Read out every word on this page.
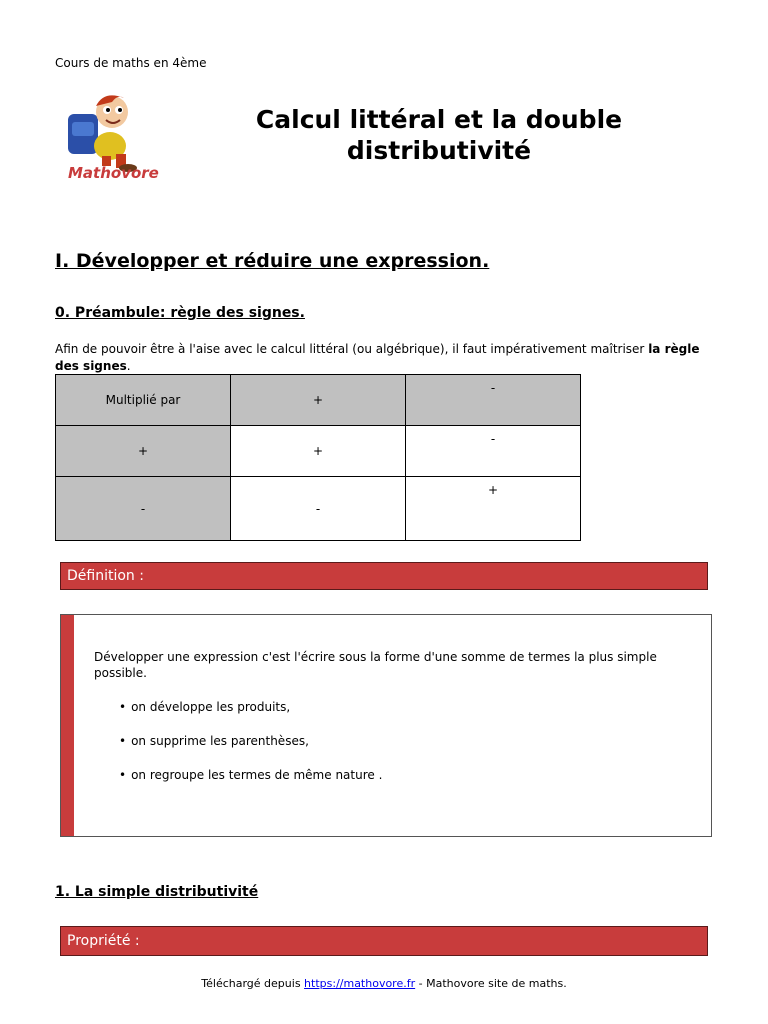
Cours de maths en 4ème
Mathovore
Calcul littéral et la double
distributivité
I. Développer et réduire une expression.
0. Préambule: règle des signes.
Afin de pouvoir être à l'aise avec le calcul littéral (ou algébrique), il faut impérativement maîtriser la règle des signes.
Multiplié par	+	-
+	+	-
-	-	+
Définition :
Développer une expression c'est l'écrire sous la forme d'une somme de termes la plus simple possible.
• on développe les produits,
• on supprime les parenthèses,
• on regroupe les termes de même nature .
1. La simple distributivité
Propriété :
Téléchargé depuis https://mathovore.fr - Mathovore site de maths.
